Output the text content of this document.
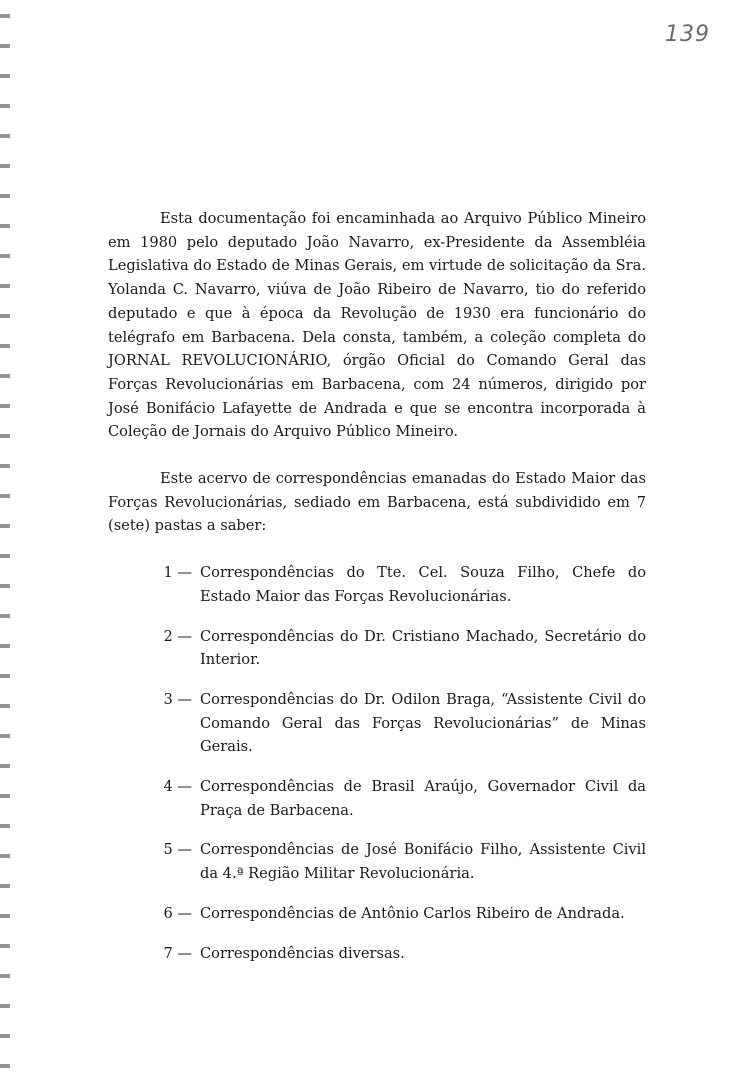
139

Esta documentação foi encaminhada ao Arquivo Público Mineiro em 1980 pelo deputado João Navarro, ex-Presidente da Assembléia Legislativa do Estado de Minas Gerais, em virtude de solicitação da Sra. Yolanda C. Navarro, viúva de João Ribeiro de Navarro, tio do referido deputado e que à época da Revolução de 1930 era funcionário do telégrafo em Barbacena. Dela consta, também, a coleção completa do JORNAL REVOLUCIONÁRIO, órgão Oficial do Comando Geral das Forças Revolucionárias em Barbacena, com 24 números, dirigido por José Bonifácio Lafayette de Andrada e que se encontra incorporada à Coleção de Jornais do Arquivo Público Mineiro.

Este acervo de correspondências emanadas do Estado Maior das Forças Revolucionárias, sediado em Barbacena, está subdividido em 7 (sete) pastas a saber:

1 — Correspondências do Tte. Cel. Souza Filho, Chefe do Estado Maior das Forças Revolucionárias.
2 — Correspondências do Dr. Cristiano Machado, Secretário do Interior.
3 — Correspondências do Dr. Odilon Braga, “Assistente Civil do Comando Geral das Forças Revolucionárias” de Minas Gerais.
4 — Correspondências de Brasil Araújo, Governador Civil da Praça de Barbacena.
5 — Correspondências de José Bonifácio Filho, Assistente Civil da 4.ª Região Militar Revolucionária.
6 — Correspondências de Antônio Carlos Ribeiro de Andrada.
7 — Correspondências diversas.
